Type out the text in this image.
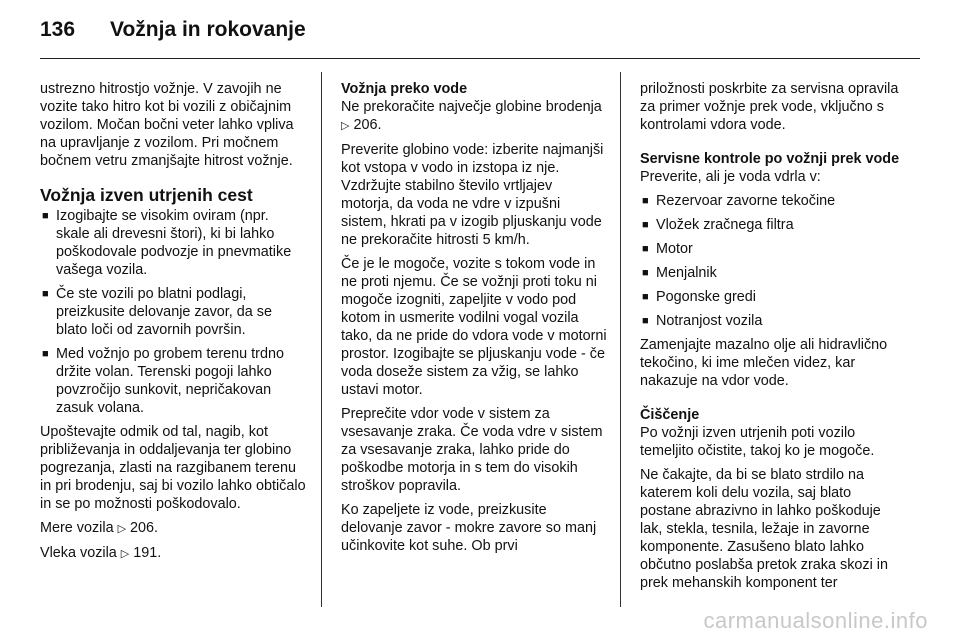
136 Vožnja in rokovanje

ustrezno hitrostjo vožnje. V zavojih ne vozite tako hitro kot bi vozili z običajnim vozilom. Močan bočni veter lahko vpliva na upravljanje z vozilom. Pri močnem bočnem vetru zmanjšajte hitrost vožnje.

Vožnja izven utrjenih cest
■ Izogibajte se visokim oviram (npr. skale ali drevesni štori), ki bi lahko poškodovale podvozje in pnevmatike vašega vozila.
■ Če ste vozili po blatni podlagi, preizkusite delovanje zavor, da se blato loči od zavornih površin.
■ Med vožnjo po grobem terenu trdno držite volan. Terenski pogoji lahko povzročijo sunkovit, nepričakovan zasuk volana.

Upoštevajte odmik od tal, nagib, kot približevanja in oddaljevanja ter globino pogrezanja, zlasti na razgibanem terenu in pri brodenju, saj bi vozilo lahko obtičalo in se po možnosti poškodovalo.

Mere vozila ▷ 206.

Vleka vozila ▷ 191.

Vožnja preko vode

Ne prekoračite največje globine brodenja ▷ 206.

Preverite globino vode: izberite najmanjši kot vstopa v vodo in izstopa iz nje. Vzdržujte stabilno število vrtljajev motorja, da voda ne vdre v izpušni sistem, hkrati pa v izogib pljuskanju vode ne prekoračite hitrosti 5 km/h.

Če je le mogoče, vozite s tokom vode in ne proti njemu. Če se vožnji proti toku ni mogoče izogniti, zapeljite v vodo pod kotom in usmerite vodilni vogal vozila tako, da ne pride do vdora vode v motorni prostor. Izogibajte se pljuskanju vode - če voda doseže sistem za vžig, se lahko ustavi motor.

Preprečite vdor vode v sistem za vsesavanje zraka. Če voda vdre v sistem za vsesavanje zraka, lahko pride do poškodbe motorja in s tem do visokih stroškov popravila.

Ko zapeljete iz vode, preizkusite delovanje zavor - mokre zavore so manj učinkovite kot suhe. Ob prvi

priložnosti poskrbite za servisna opravila za primer vožnje prek vode, vključno s kontrolami vdora vode.

Servisne kontrole po vožnji prek vode

Preverite, ali je voda vdrla v:

■ Rezervoar zavorne tekočine
■ Vložek zračnega filtra
■ Motor
■ Menjalnik
■ Pogonske gredi
■ Notranjost vozila

Zamenjajte mazalno olje ali hidravlično tekočino, ki ime mlečen videz, kar nakazuje na vdor vode.

Čiščenje

Po vožnji izven utrjenih poti vozilo temeljito očistite, takoj ko je mogoče.

Ne čakajte, da bi se blato strdilo na katerem koli delu vozila, saj blato postane abrazivno in lahko poškoduje lak, stekla, tesnila, ležaje in zavorne komponente. Zasušeno blato lahko občutno poslabša pretok zraka skozi in prek mehanskih komponent ter

carmanualsonline.info
